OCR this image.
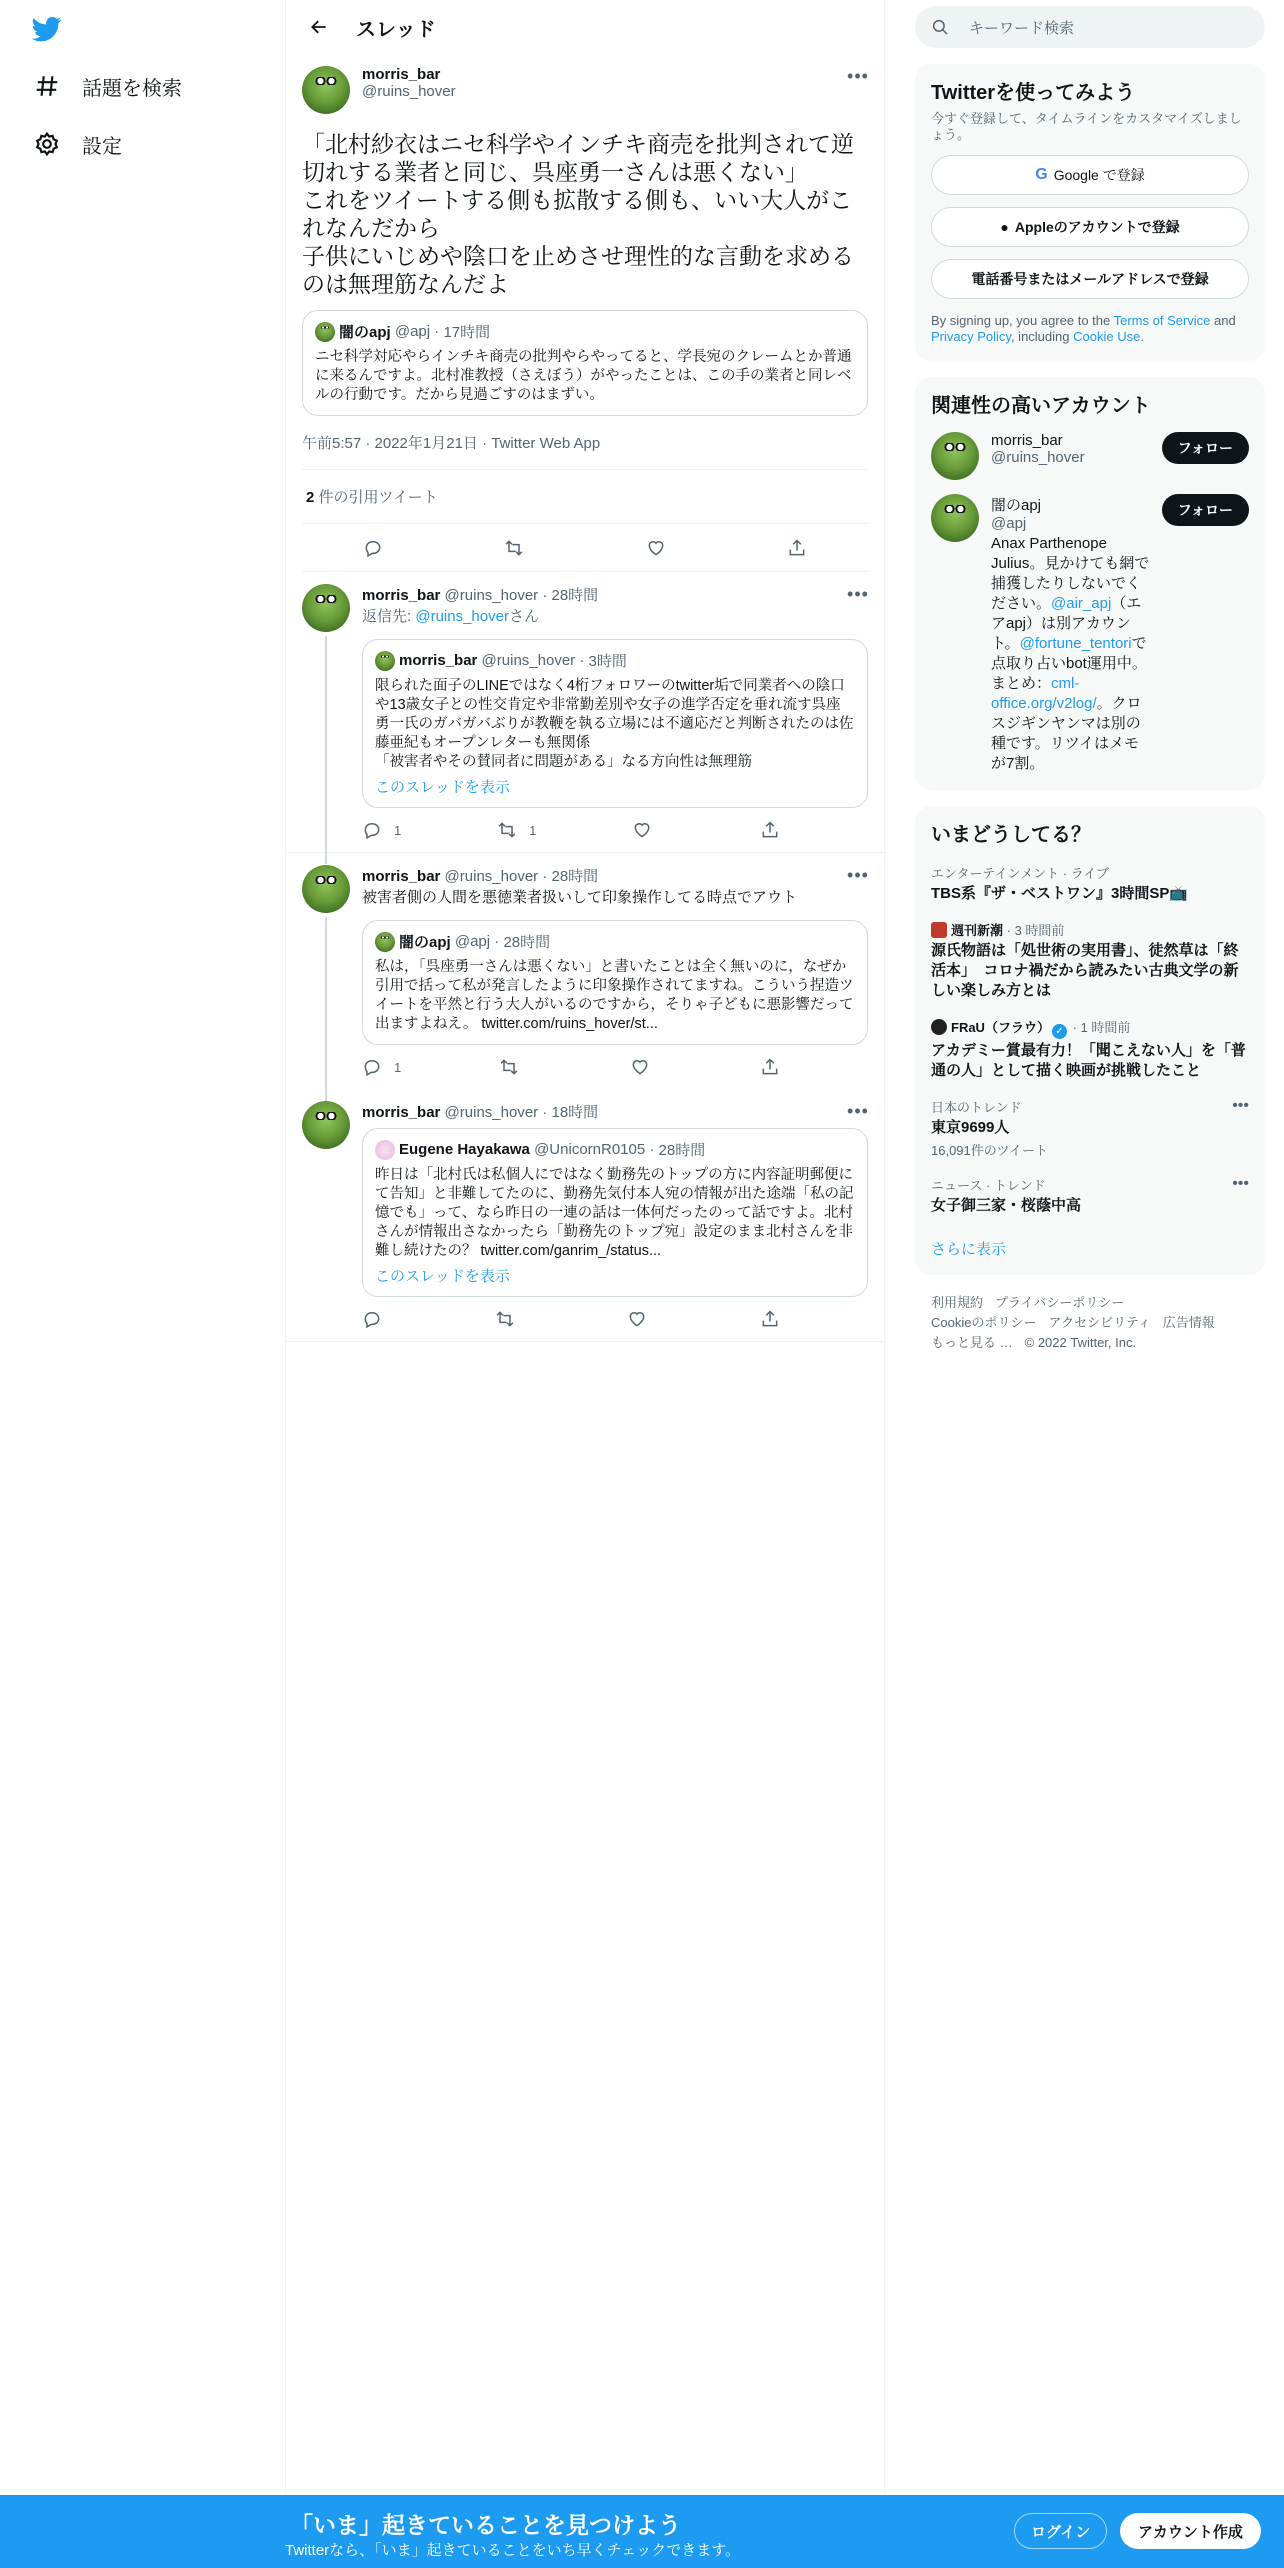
話題を検索
設定
スレッド
morris_bar
@ruins_hover
•••
「北村紗衣はニセ科学やインチキ商売を批判されて逆切れする業者と同じ、呉座勇一さんは悪くない」
これをツイートする側も拡散する側も、いい大人がこれなんだから
子供にいじめや陰口を止めさせ理性的な言動を求めるのは無理筋なんだよ
闇のapj
@apj · 17時間
ニセ科学対応やらインチキ商売の批判やらやってると、学長宛のクレームとか普通に来るんですよ。北村准教授（さえぼう）がやったことは、この手の業者と同レベルの行動です。だから見過ごすのはまずい。
午前5:57 · 2022年1月21日 · Twitter Web App
2 件の引用ツイート
morris_bar @ruins_hover · 28時間	•••
返信先: @ruins_hoverさん
morris_bar
@ruins_hover · 3時間
限られた面子のLINEではなく4桁フォロワーのtwitter垢で同業者への陰口や13歳女子との性交肯定や非常勤差別や女子の進学否定を垂れ流す呉座勇一氏のガバガバぶりが教鞭を執る立場には不適応だと判断されたのは佐藤亜紀もオープンレターも無関係
「被害者やその賛同者に問題がある」なる方向性は無理筋
このスレッドを表示
1	1
morris_bar @ruins_hover · 28時間	•••
被害者側の人間を悪徳業者扱いして印象操作してる時点でアウト
闇のapj
@apj · 28時間
私は，「呉座勇一さんは悪くない」と書いたことは全く無いのに，なぜか引用で括って私が発言したように印象操作されてますね。こういう捏造ツイートを平然と行う大人がいるのですから，そりゃ子どもに悪影響だって出ますよねえ。 twitter.com/ruins_hover/st...
1
morris_bar @ruins_hover · 18時間	•••
Eugene Hayakawa
@UnicornR0105 · 28時間
昨日は「北村氏は私個人にではなく勤務先のトップの方に内容証明郵便にて告知」と非難してたのに、勤務先気付本人宛の情報が出た途端「私の記憶でも」って、なら昨日の一連の話は一体何だったのって話ですよ。北村さんが情報出さなかったら「勤務先のトップ宛」設定のまま北村さんを非難し続けたの？ twitter.com/ganrim_/status...
このスレッドを表示
キーワード検索
Twitterを使ってみよう
今すぐ登録して、タイムラインをカスタマイズしましょう。
G Google で登録
● Appleのアカウントで登録
電話番号またはメールアドレスで登録
By signing up, you agree to the Terms of Service and Privacy Policy, including Cookie Use.
関連性の高いアカウント
morris_bar
@ruins_hover
フォロー
闇のapj
@apj
Anax Parthenope Julius。見かけても網で捕獲したりしないでください。@air_apj（エアapj）は別アカウント。@fortune_tentoriで点取り占いbot運用中。まとめ：cml-office.org/v2log/。クロスジギンヤンマは別の種です。リツイはメモが7割。
フォロー
いまどうしてる？
エンターテインメント · ライブ
TBS系『ザ・ベストワン』3時間SP📺
週刊新潮 · 3 時間前
源氏物語は「処世術の実用書」、徒然草は「終活本」　コロナ禍だから読みたい古典文学の新しい楽しみ方とは
FRaU（フラウ） ✓ · 1 時間前
アカデミー賞最有力！「聞こえない人」を「普通の人」として描く映画が挑戦したこと
日本のトレンド
東京9699人
16,091件のツイート
•••
ニュース · トレンド
女子御三家・桜蔭中高
•••
さらに表示
利用規約 プライバシーポリシー
Cookieのポリシー アクセシビリティ 広告情報
もっと見る … © 2022 Twitter, Inc.
「いま」起きていることを見つけよう
Twitterなら、「いま」起きていることをいち早くチェックできます。
ログイン	アカウント作成
